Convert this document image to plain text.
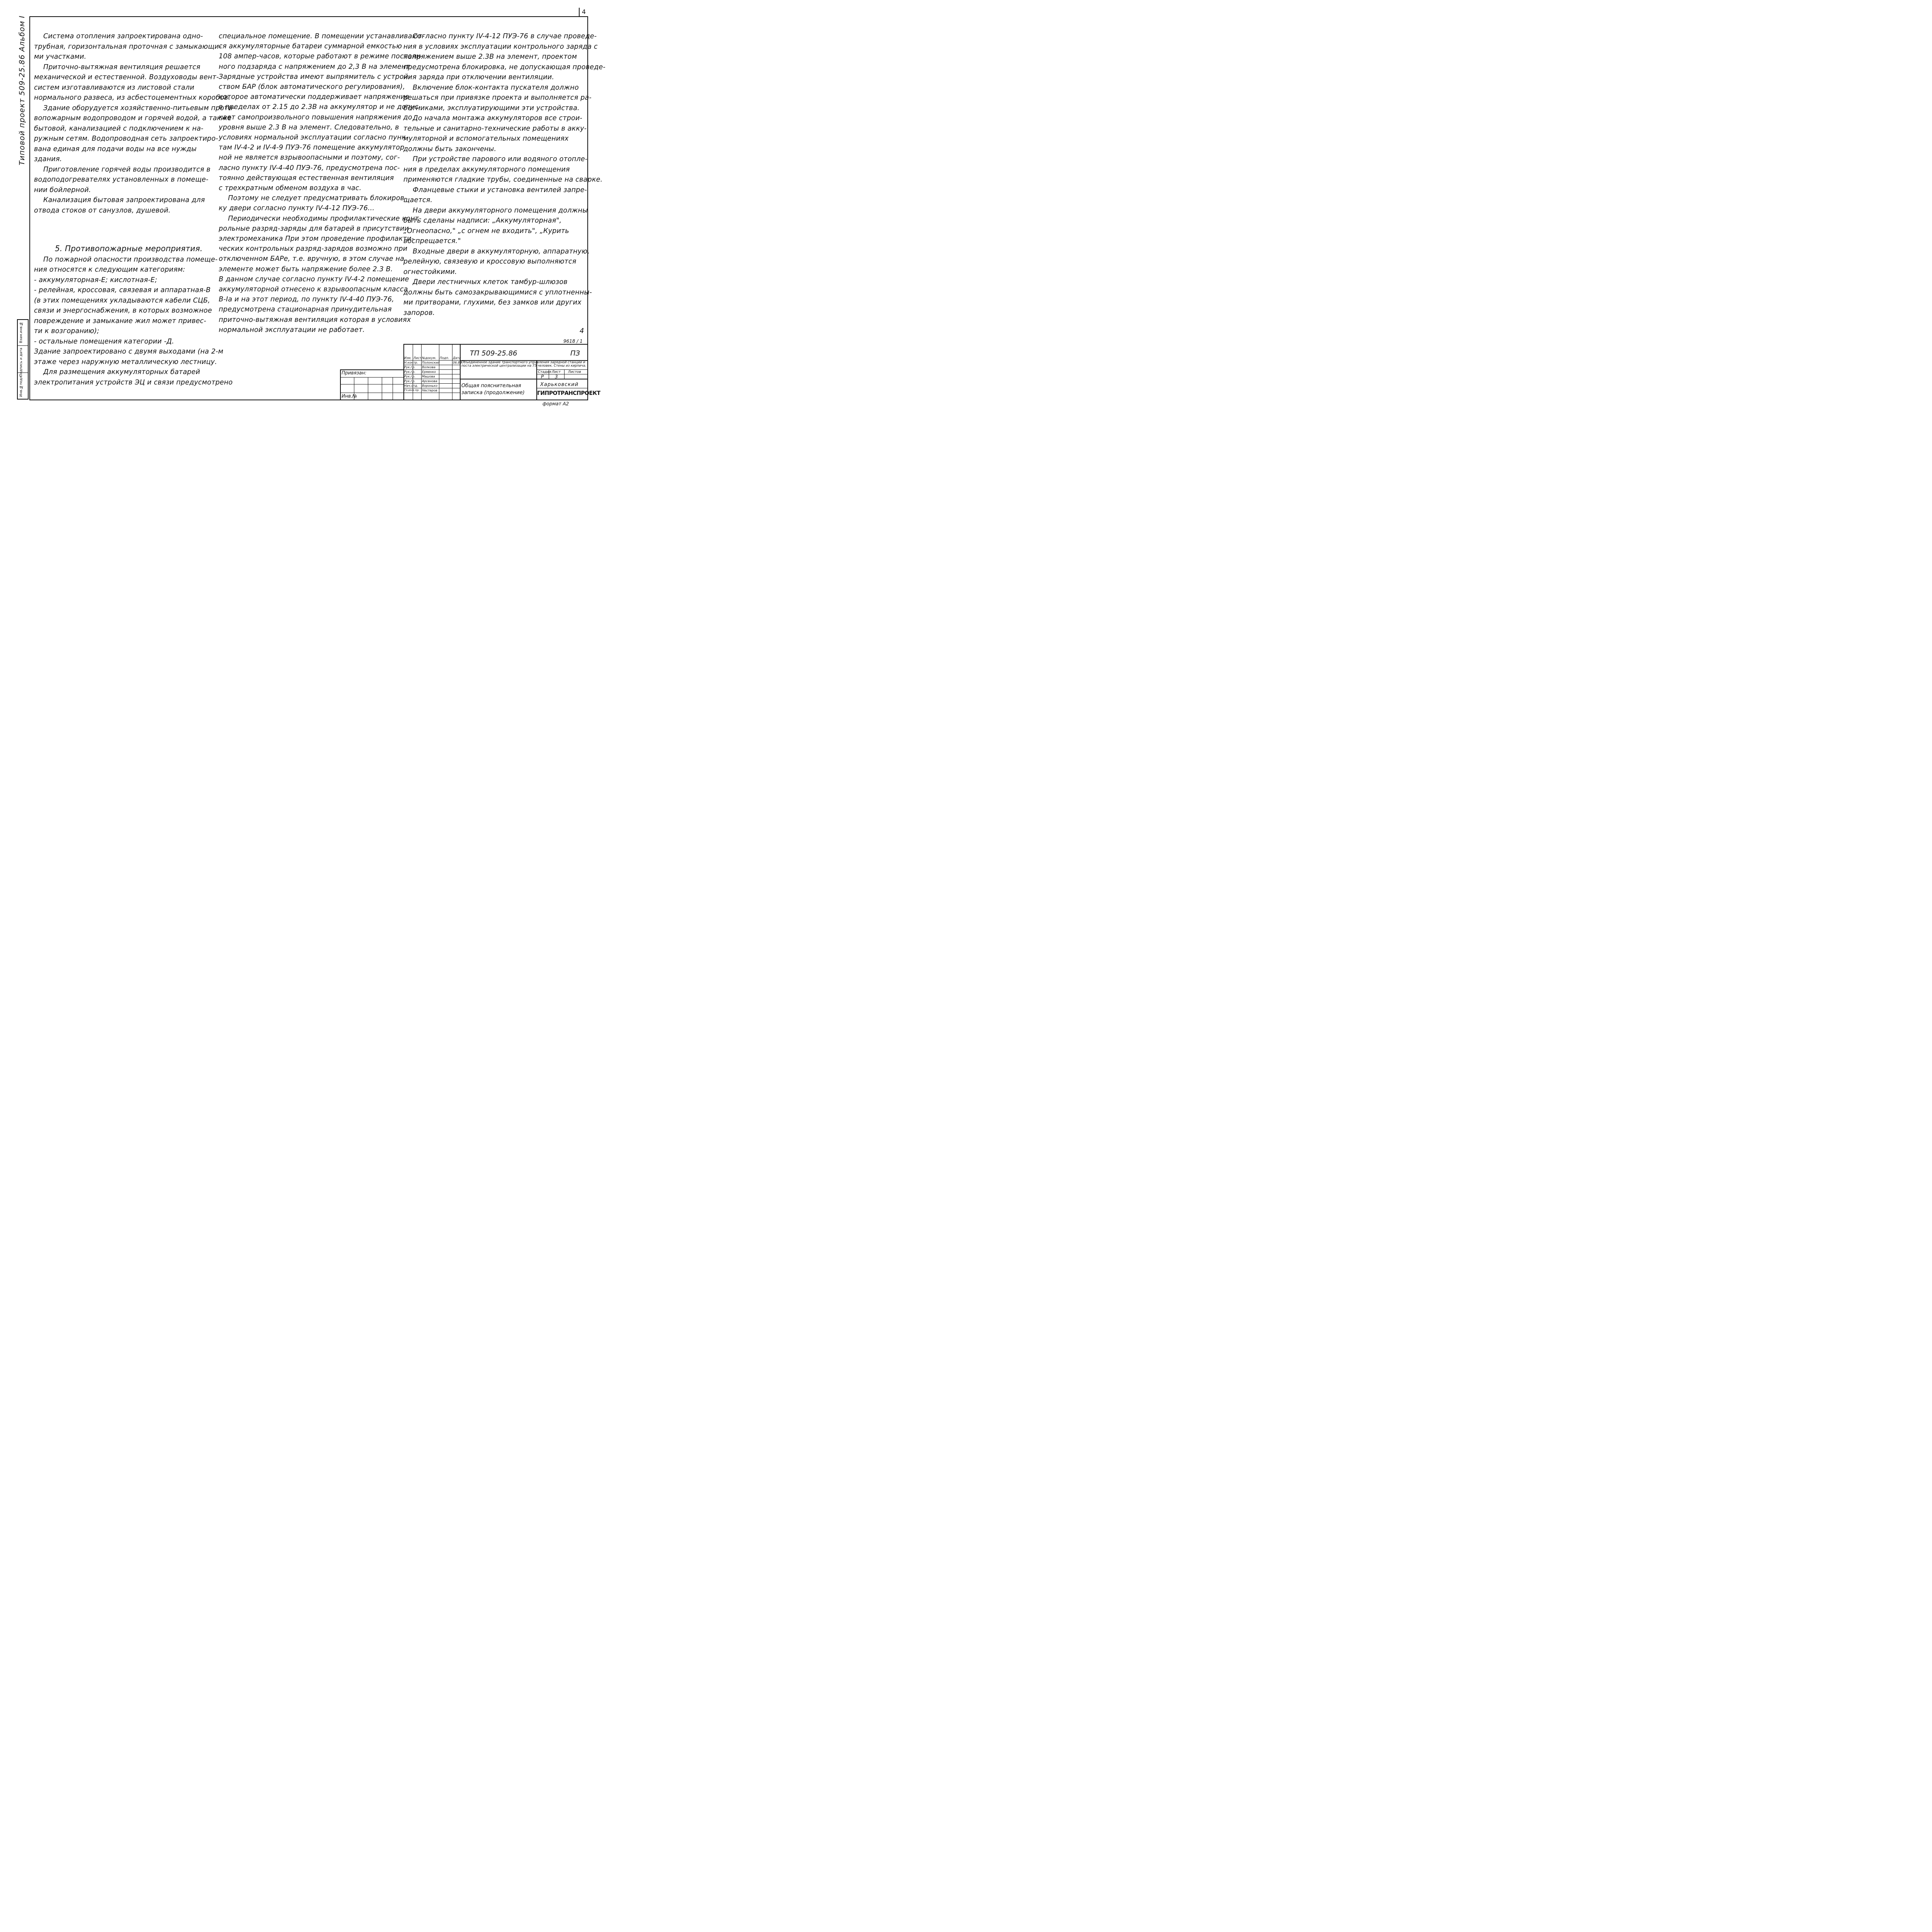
4
Типовой проект 509-25.86 Альбом I
Инв.№подл.
Подпись и дата
Взам.инв.№
Система отопления запроектирована одно-
трубная, горизонтальная проточная с замыкающи-
ми участками.
Приточно-вытяжная вентиляция решается
механической и естественной. Воздуховоды вент-
систем изготавливаются из листовой стали
нормального развеса, из асбестоцементных коробов.
Здание оборудуется хозяйственно-питьевым проти-
вопожарным водопроводом и горячей водой, а также
бытовой, канализацией с подключением к на-
ружным сетям. Водопроводная сеть запроектиро-
вана единая для подачи воды на все нужды
здания.
Приготовление горячей воды производится в
водоподогревателях установленных в помеще-
нии бойлерной.
Канализация бытовая запроектирована для
отвода стоков от санузлов, душевой.
5. Противопожарные мероприятия.
По пожарной опасности производства помеще-
ния относятся к следующим категориям:
- аккумуляторная-Е; кислотная-Е;
- релейная, кроссовая, связевая и аппаратная-В
(в этих помещениях укладываются кабели СЦБ,
связи и энергоснабжения, в которых возможное
повреждение и замыкание жил может привес-
ти к возгоранию);
- остальные помещения категории -Д.
Здание запроектировано с двумя выходами (на 2-м
этаже через наружную металлическую лестницу.
Для размещения аккумуляторных батарей
электропитания устройств ЭЦ и связи предусмотрено
специальное помещение. В помещении устанавливают-
ся аккумуляторные батареи суммарной емкостью
108 ампер-часов, которые работают в режиме постоян-
ного подзаряда с напряжением до 2,3 В на элемент.
Зарядные устройства имеют выпрямитель с устрой-
ством БАР (блок автоматического регулирования),
которое автоматически поддерживает напряжение
в пределах от 2.15 до 2.3В на аккумулятор и не допус-
кает самопроизвольного повышения напряжения до
уровня выше 2.3 В на элемент. Следовательно, в
условиях нормальной эксплуатации согласно пунк-
там IV-4-2 и IV-4-9 ПУЭ-76 помещение аккумулятор
ной не является взрывоопасными и поэтому, сог-
ласно пункту IV-4-40 ПУЭ-76, предусмотрена пос-
тоянно действующая естественная вентиляция
с трехкратным обменом воздуха в час.
Поэтому не следует предусматривать блокиров-
ку двери согласно пункту IV-4-12 ПУЭ-76...
Периодически необходимы профилактические конт-
рольные разряд-заряды для батарей в присутствии
электромеханика При этом проведение профилакти-
ческих контрольных разряд-зарядов возможно при
отключенном БАРе, т.е. вручную, в этом случае на
элементе может быть напряжение более 2.3 В.
В данном случае согласно пункту IV-4-2 помещение
аккумуляторной отнесено к взрывоопасным класса
В-Iа и на этот период, по пункту IV-4-40 ПУЭ-76,
предусмотрена стационарная принудительная
приточно-вытяжная вентиляция которая в условиях
нормальной эксплуатации не работает.
Согласно пункту IV-4-12 ПУЭ-76 в случае проведе-
ния в условиях эксплуатации контрольного заряда с
напряжением выше 2.3В на элемент, проектом
предусмотрена блокировка, не допускающая проведе-
ния заряда при отключении вентиляции.
Включение блок-контакта пускателя должно
решаться при привязке проекта и выполняется ра-
ботниками, эксплуатирующими эти устройства.
До начала монтажа аккумуляторов все строи-
тельные и санитарно-технические работы в акку-
муляторной и вспомогательных помещениях
должны быть закончены.
При устройстве парового или водяного отопле-
ния в пределах аккумуляторного помещения
применяются гладкие трубы, соединенные на сварке.
Фланцевые стыки и установка вентилей запре-
щается.
На двери аккумуляторного помещения должны
быть сделаны надписи: „Аккумуляторная",
„Огнеопасно," „с огнем не входить", „Курить
воспрещается."
Входные двери в аккумуляторную, аппаратную,
релейную, связевую и кроссовую выполняются
огнестойкими.
Двери лестничных клеток тамбур-шлюзов
должны быть самозакрывающимися с уплотненны-
ми притворами, глухими, без замков или других
запоров.
4
9618 / 1
Привязан:
Инв.№
ТП 509-25.86	ПЗ
Изм. Лист №докум. Подп. Дата
Н.контр. Полонский
Рук.гр. Волкова
Рук.гр. Ерменко
Рук.гр. Машова
Рук.гр. Арсенова
Нач.отд. Воронько
Гл.инж.пр. Нестеров
06.84 Объединенное здание транспортного управления зарядной станции и поста электрической централизации на 75 человек. Стены из кирпича.
Стадия Лист Листов
Р 3
Общая пояснительная записка (продолжение)
Харьковский
ГИПРОТРАНСПРОЕКТ
формат А2
